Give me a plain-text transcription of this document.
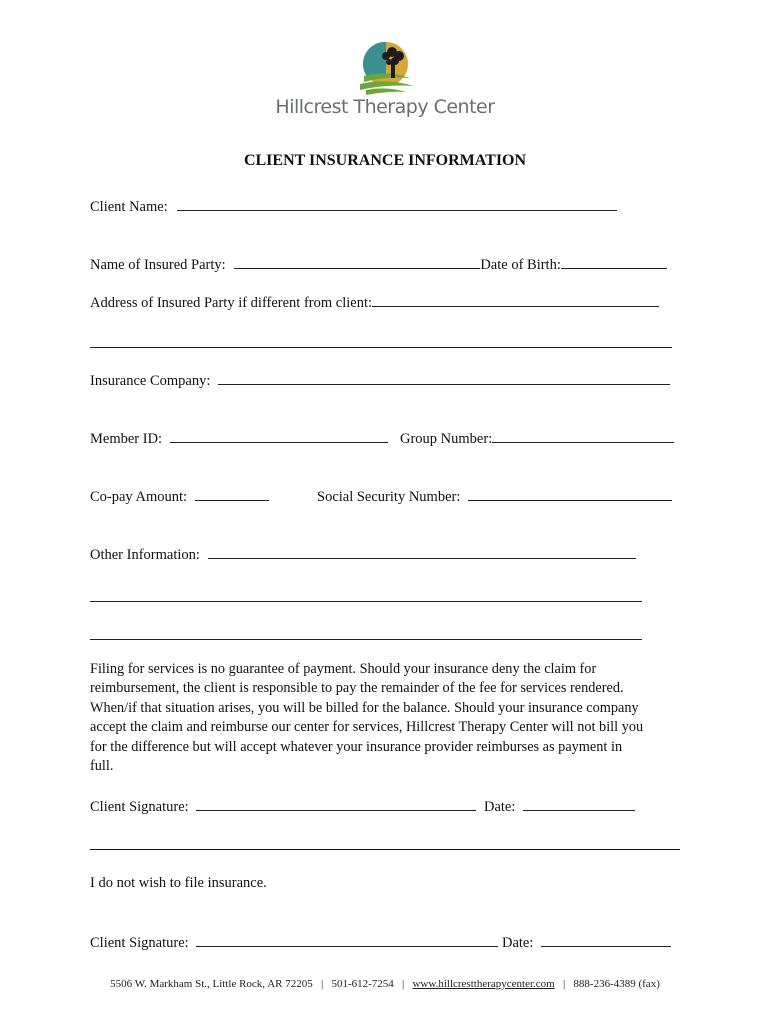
Hillcrest Therapy Center
CLIENT INSURANCE INFORMATION
Client Name:
Name of Insured Party:	Date of Birth:
Address of Insured Party if different from client:
Insurance Company:
Member ID:	Group Number:
Co-pay Amount:	Social Security Number:
Other Information:
Filing for services is no guarantee of payment. Should your insurance deny the claim for
reimbursement, the client is responsible to pay the remainder of the fee for services rendered.
When/if that situation arises, you will be billed for the balance. Should your insurance company
accept the claim and reimburse our center for services, Hillcrest Therapy Center will not bill you
for the difference but will accept whatever your insurance provider reimburses as payment in
full.
Client Signature:	Date:
I do not wish to file insurance.
Client Signature:	Date:
5506 W. Markham St., Little Rock, AR 72205 | 501-612-7254 | www.hillcresttherapycenter.com | 888-236-4389 (fax)
